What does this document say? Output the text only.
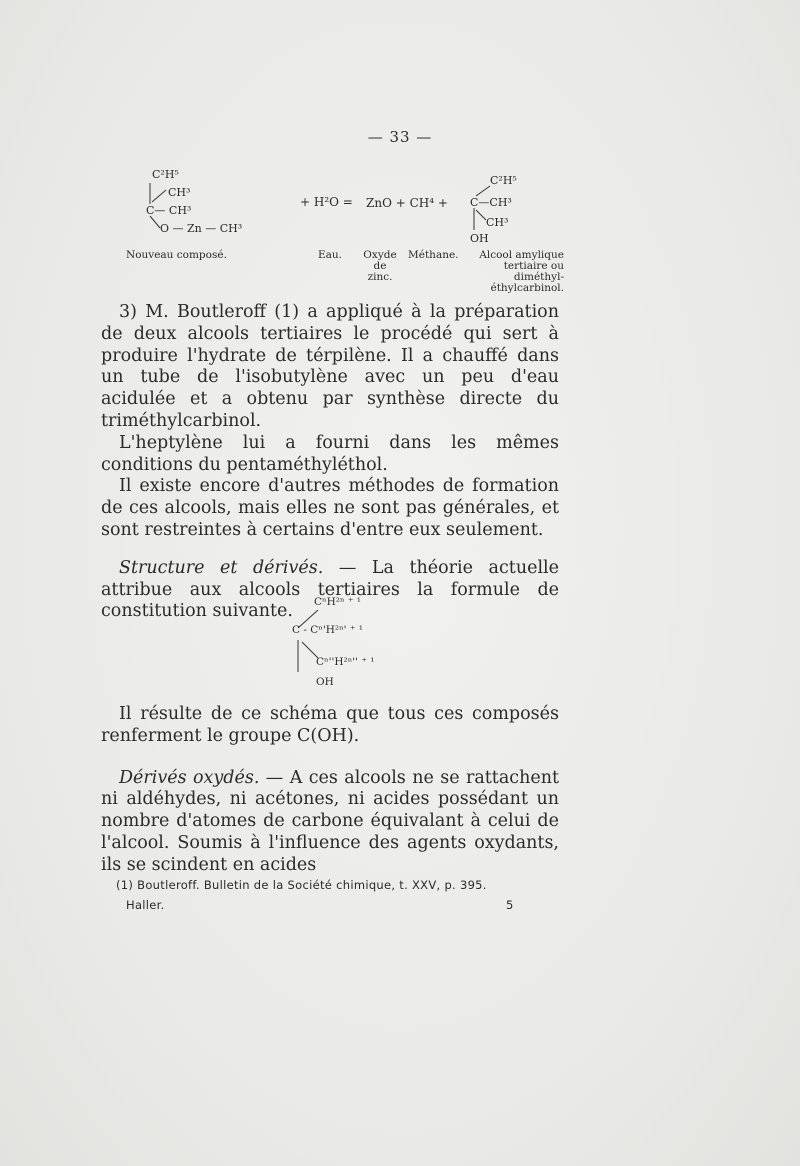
— 33 —
C²H⁵
CH³
C— CH³
O — Zn — CH³
+ H²O = ZnO + CH⁴ +
C²H⁵
C—CH³
CH³
OH
Nouveau composé.	Eau.	Oxyde
de
zinc.
Méthane.	Alcool amylique
tertiaire ou diméthyl-
éthylcarbinol.

3) M. Boutleroff (1) a appliqué à la préparation de deux alcools tertiaires le procédé qui sert à produire l'hydrate de térpilène. Il a chauffé dans un tube de l'isobutylène avec un peu d'eau acidulée et a obtenu par synthèse directe du triméthylcarbinol.

L'heptylène lui a fourni dans les mêmes conditions du pentaméthyléthol.

Il existe encore d'autres méthodes de formation de ces alcools, mais elles ne sont pas générales, et sont restreintes à certains d'entre eux seulement.

Structure et dérivés. — La théorie actuelle attribue aux alcools tertiaires la formule de constitution suivante.	CⁿH²ⁿ ⁺ ¹
C - Cⁿ'H²ⁿ' ⁺ ¹
Cⁿ''H²ⁿ'' ⁺ ¹
OH

Il résulte de ce schéma que tous ces composés renferment le groupe C(OH).

Dérivés oxydés. — A ces alcools ne se rattachent ni aldéhydes, ni acétones, ni acides possédant un nombre d'atomes de carbone équivalant à celui de l'alcool. Soumis à l'influence des agents oxydants, ils se scindent en acides

(1) Boutleroff. Bulletin de la Société chimique, t. XXV, p. 395.
Haller.	5
